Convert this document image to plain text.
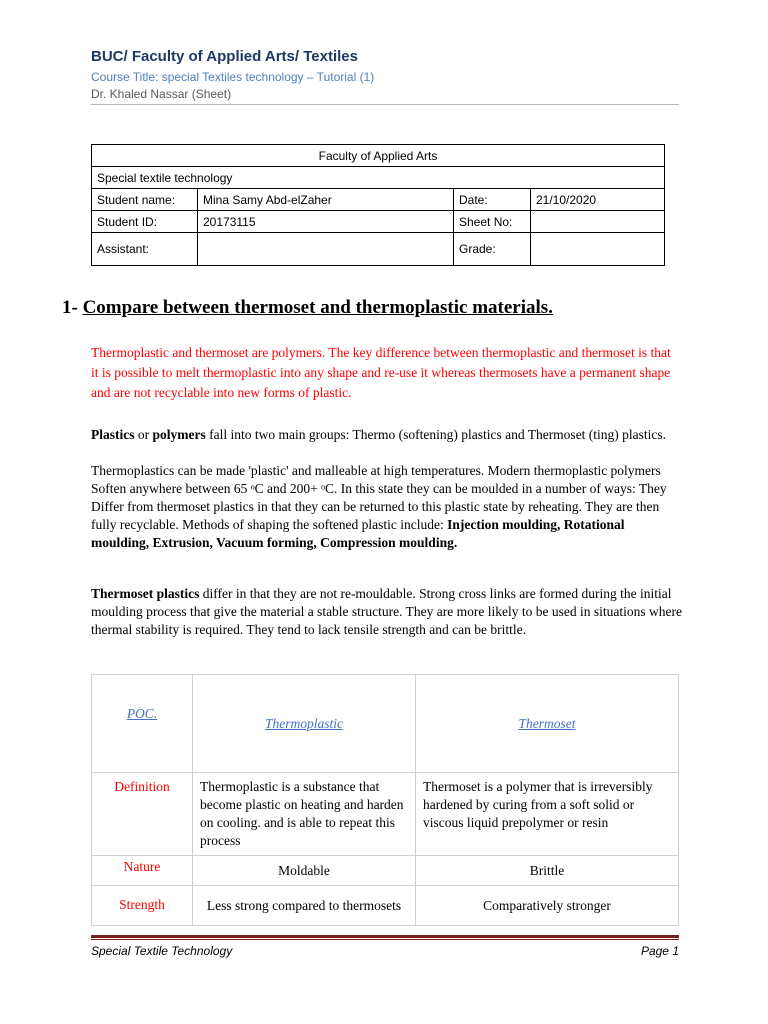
BUC/ Faculty of Applied Arts/ Textiles
Course Title: special Textiles technology – Tutorial (1)
Dr. Khaled Nassar (Sheet)
Faculty of Applied Arts			
Special textile technology			
Student name:	Mina Samy Abd-elZaher	Date:	21/10/2020
Student ID:	20173115	Sheet No:	
Assistant:		Grade:	
1- Compare between thermoset and thermoplastic materials.
Thermoplastic and thermoset are polymers. The key difference between thermoplastic and thermoset is that it is possible to melt thermoplastic into any shape and re-use it whereas thermosets have a permanent shape and are not recyclable into new forms of plastic.
Plastics or polymers fall into two main groups: Thermo (softening) plastics and Thermoset (ting) plastics.
Thermoplastics can be made 'plastic' and malleable at high temperatures. Modern thermoplastic polymers Soften anywhere between 65 ᵒC and 200+ ᵒC. In this state they can be moulded in a number of ways: They Differ from thermoset plastics in that they can be returned to this plastic state by reheating. They are then fully recyclable. Methods of shaping the softened plastic include: Injection moulding, Rotational moulding, Extrusion, Vacuum forming, Compression moulding.
Thermoset plastics differ in that they are not re-mouldable. Strong cross links are formed during the initial moulding process that give the material a stable structure. They are more likely to be used in situations where thermal stability is required. They tend to lack tensile strength and can be brittle.
POC.	Thermoplastic	Thermoset
Definition	Thermoplastic is a substance that become plastic on heating and harden on cooling. and is able to repeat this process	Thermoset is a polymer that is irreversibly hardened by curing from a soft solid or viscous liquid prepolymer or resin
Nature	Moldable	Brittle
Strength	Less strong compared to thermosets	Comparatively stronger
Special Textile Technology	Page 1
